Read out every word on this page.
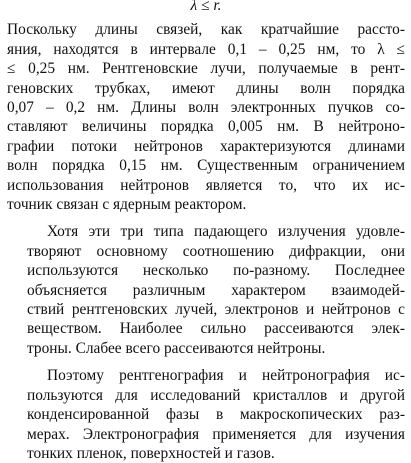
λ ≤ r.

Поскольку длины связей, как кратчайшие рассто-
яния, находятся в интервале 0,1 – 0,25 нм, то λ ≤
≤ 0,25 нм. Рентгеновские лучи, получаемые в рент-
геновских трубках, имеют длины волн порядка
0,07 – 0,2 нм. Длины волн электронных пучков со-
ставляют величины порядка 0,005 нм. В нейтроно-
графии потоки нейтронов характеризуются длинами
волн порядка 0,15 нм. Существенным ограничением
использования нейтронов является то, что их ис-
точник связан с ядерным реактором.

Хотя эти три типа падающего излучения удовле-
творяют основному соотношению дифракции, они
используются несколько по-разному. Последнее
объясняется различным характером взаимодей-
ствий рентгеновских лучей, электронов и нейтронов с
веществом. Наиболее сильно рассеиваются элек-
троны. Слабее всего рассеиваются нейтроны.

Поэтому рентгенография и нейтронография ис-
пользуются для исследований кристаллов и другой
конденсированной фазы в макроскопических раз-
мерах. Электронография применяется для изучения
тонких пленок, поверхностей и газов.
